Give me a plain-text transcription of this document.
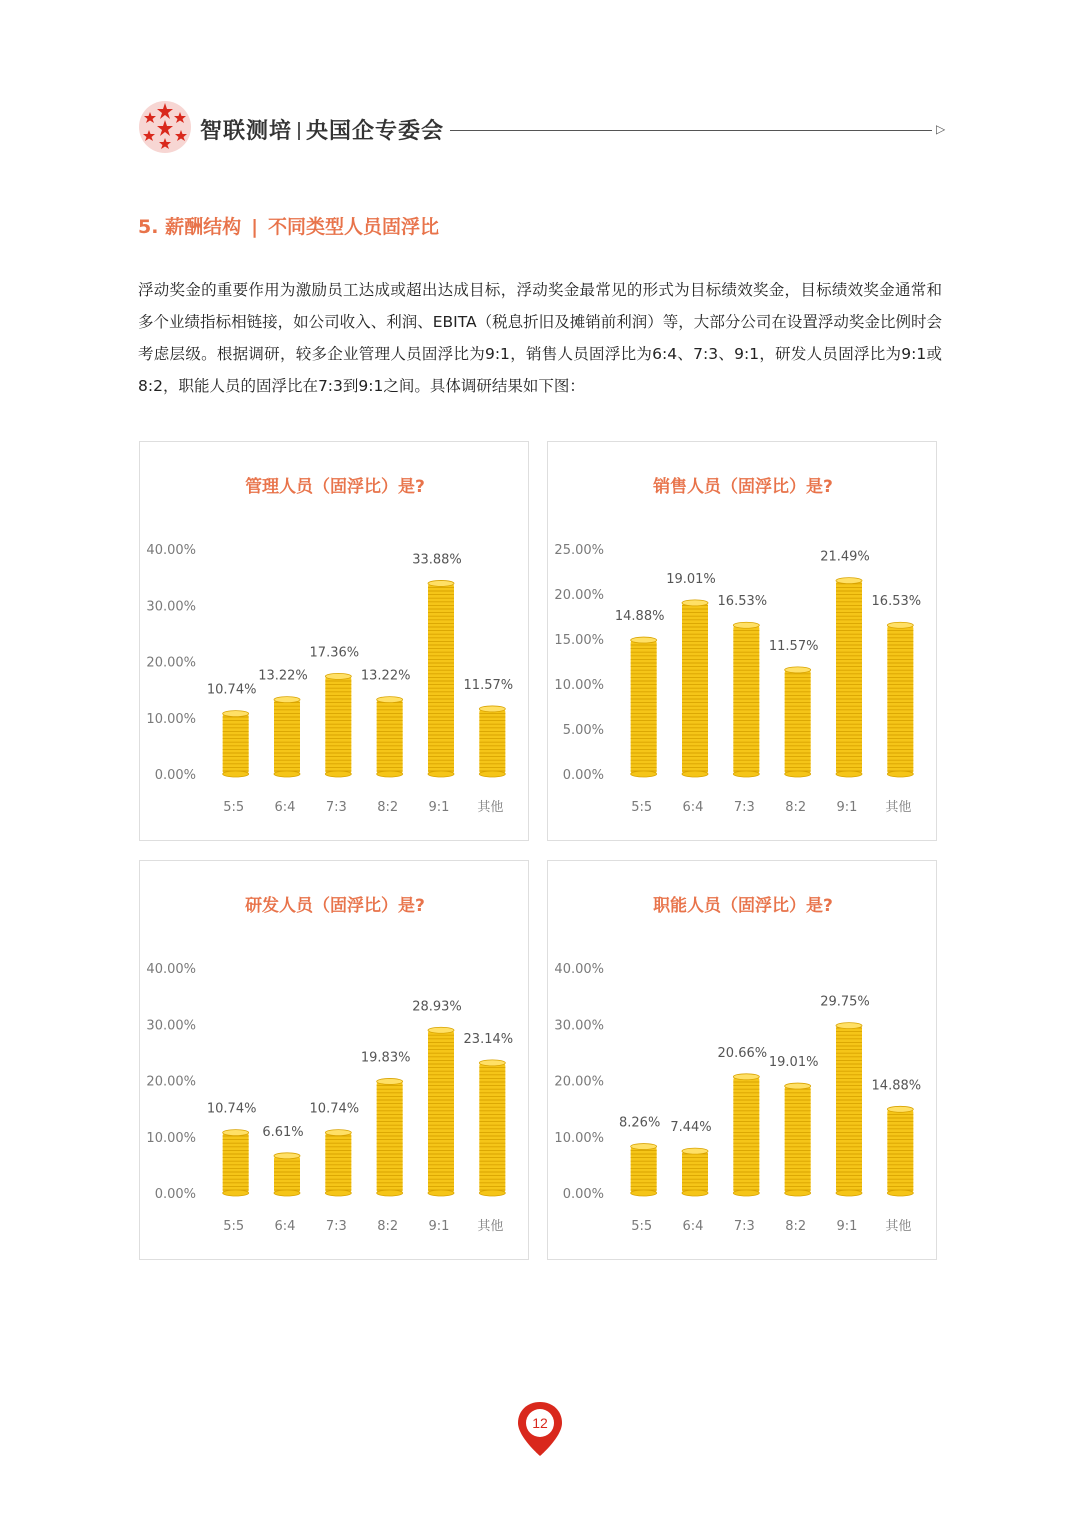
智联测培 央国企专委会	▷
5. 薪酬结构 | 不同类型人员固浮比
浮动奖金的重要作用为激励员工达成或超出达成目标，浮动奖金最常见的形式为目标绩效奖金，目标绩效奖金通常和多个业绩指标相链接，如公司收入、利润、EBITA（税息折旧及摊销前利润）等，大部分公司在设置浮动奖金比例时会考虑层级。根据调研，较多企业管理人员固浮比为9:1，销售人员固浮比为6:4、7:3、9:1，研发人员固浮比为9:1或8:2，职能人员的固浮比在7:3到9:1之间。具体调研结果如下图：
管理人员（固浮比）是?
0.00%
10.00%
20.00%
30.00%
40.00%
10.74%
5:5
13.22%
6:4
17.36%
7:3
13.22%
8:2
33.88%
9:1
11.57%
其他
销售人员（固浮比）是?
0.00%
5.00%
10.00%
15.00%
20.00%
25.00%
14.88%
5:5
19.01%
6:4
16.53%
7:3
11.57%
8:2
21.49%
9:1
16.53%
其他
研发人员（固浮比）是?
0.00%
10.00%
20.00%
30.00%
40.00%
10.74%
5:5
6.61%
6:4
10.74%
7:3
19.83%
8:2
28.93%
9:1
23.14%
其他
职能人员（固浮比）是?
0.00%
10.00%
20.00%
30.00%
40.00%
8.26%
5:5
7.44%
6:4
20.66%
7:3
19.01%
8:2
29.75%
9:1
14.88%
其他
12
